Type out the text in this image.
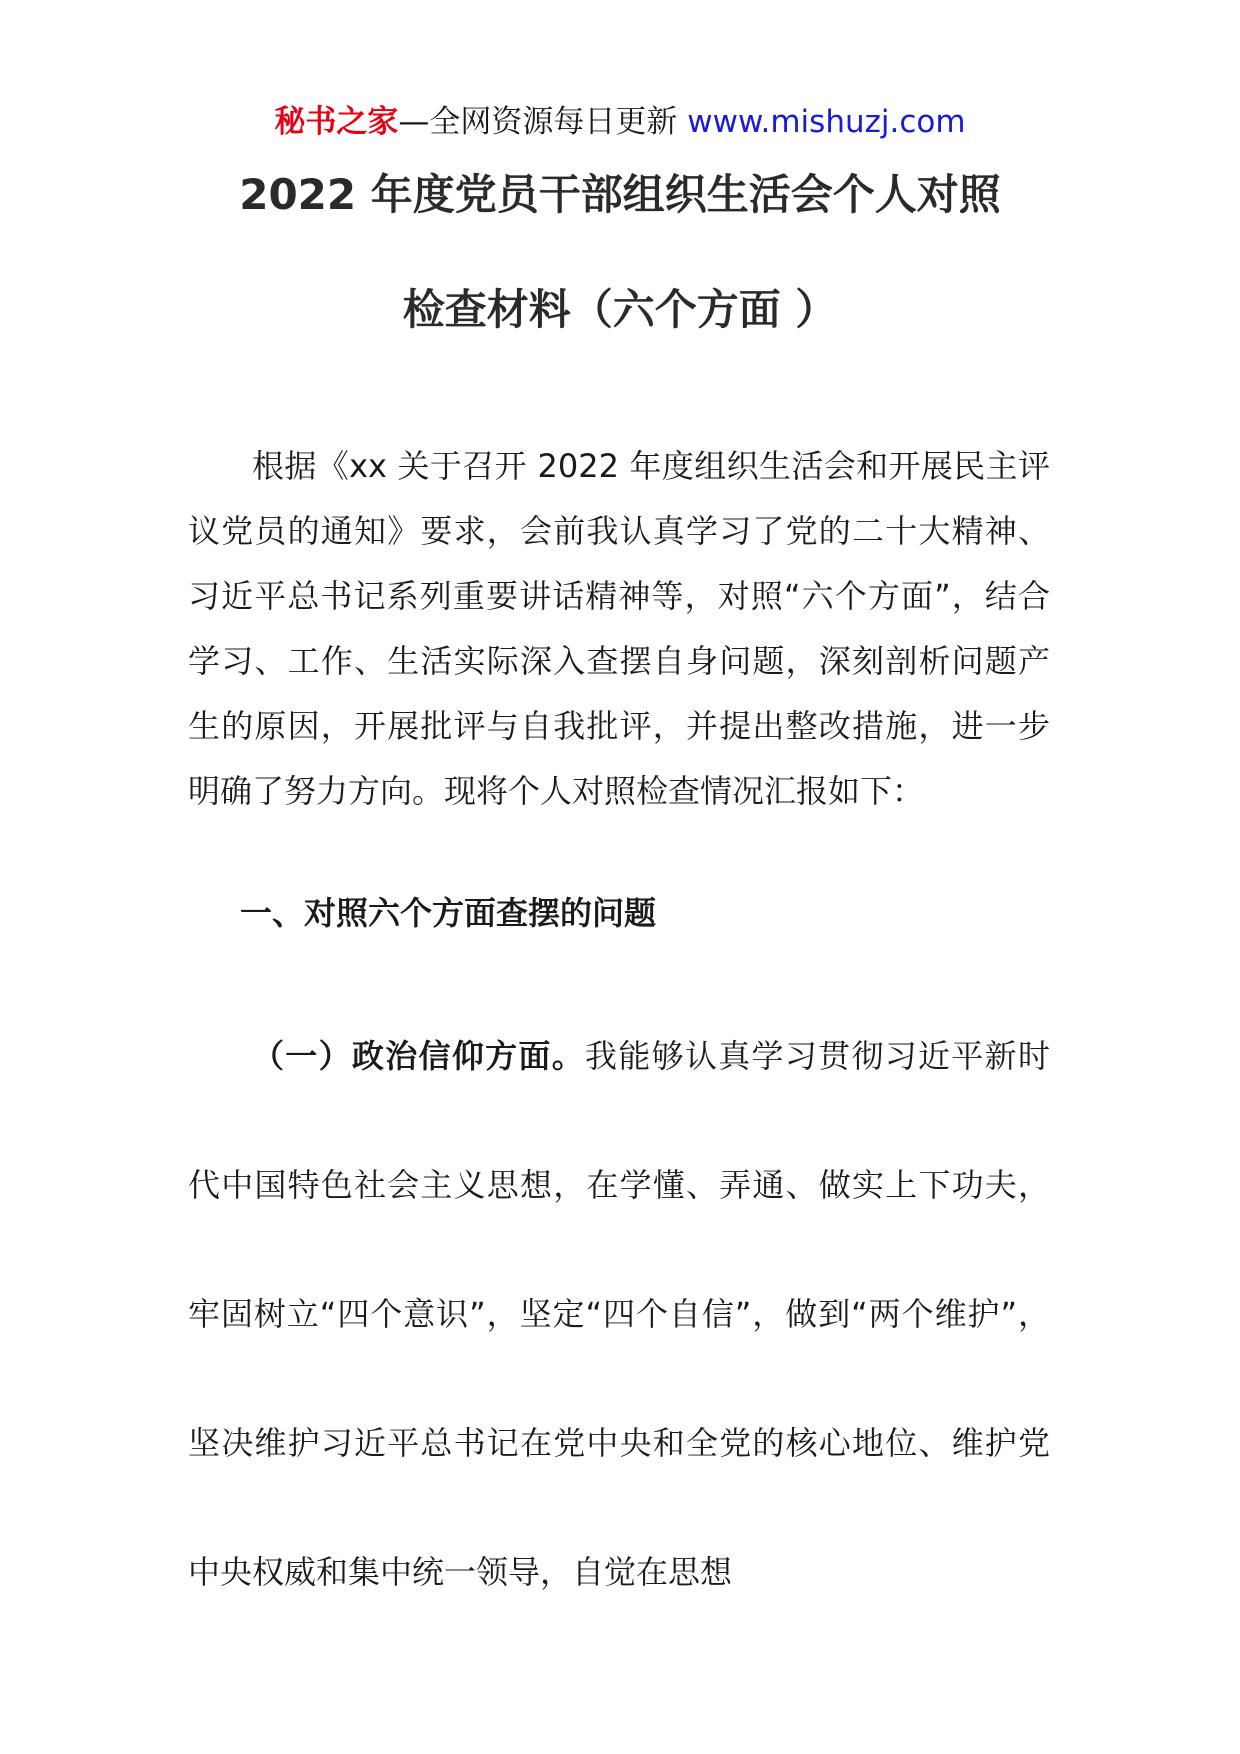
秘书之家—全网资源每日更新 www.mishuzj.com
2022 年度党员干部组织生活会个人对照
检查材料（六个方面 ）

根据《xx 关于召开 2022 年度组织生活会和开展民主评议党员的通知》要求，会前我认真学习了党的二十大精神、习近平总书记系列重要讲话精神等，对照“六个方面”，结合学习、工作、生活实际深入查摆自身问题，深刻剖析问题产生的原因，开展批评与自我批评，并提出整改措施，进一步明确了努力方向。现将个人对照检查情况汇报如下：

一、对照六个方面查摆的问题

（一）政治信仰方面。我能够认真学习贯彻习近平新时代中国特色社会主义思想，在学懂、弄通、做实上下功夫，牢固树立“四个意识”，坚定“四个自信”，做到“两个维护”，坚决维护习近平总书记在党中央和全党的核心地位、维护党中央权威和集中统一领导，自觉在思想
